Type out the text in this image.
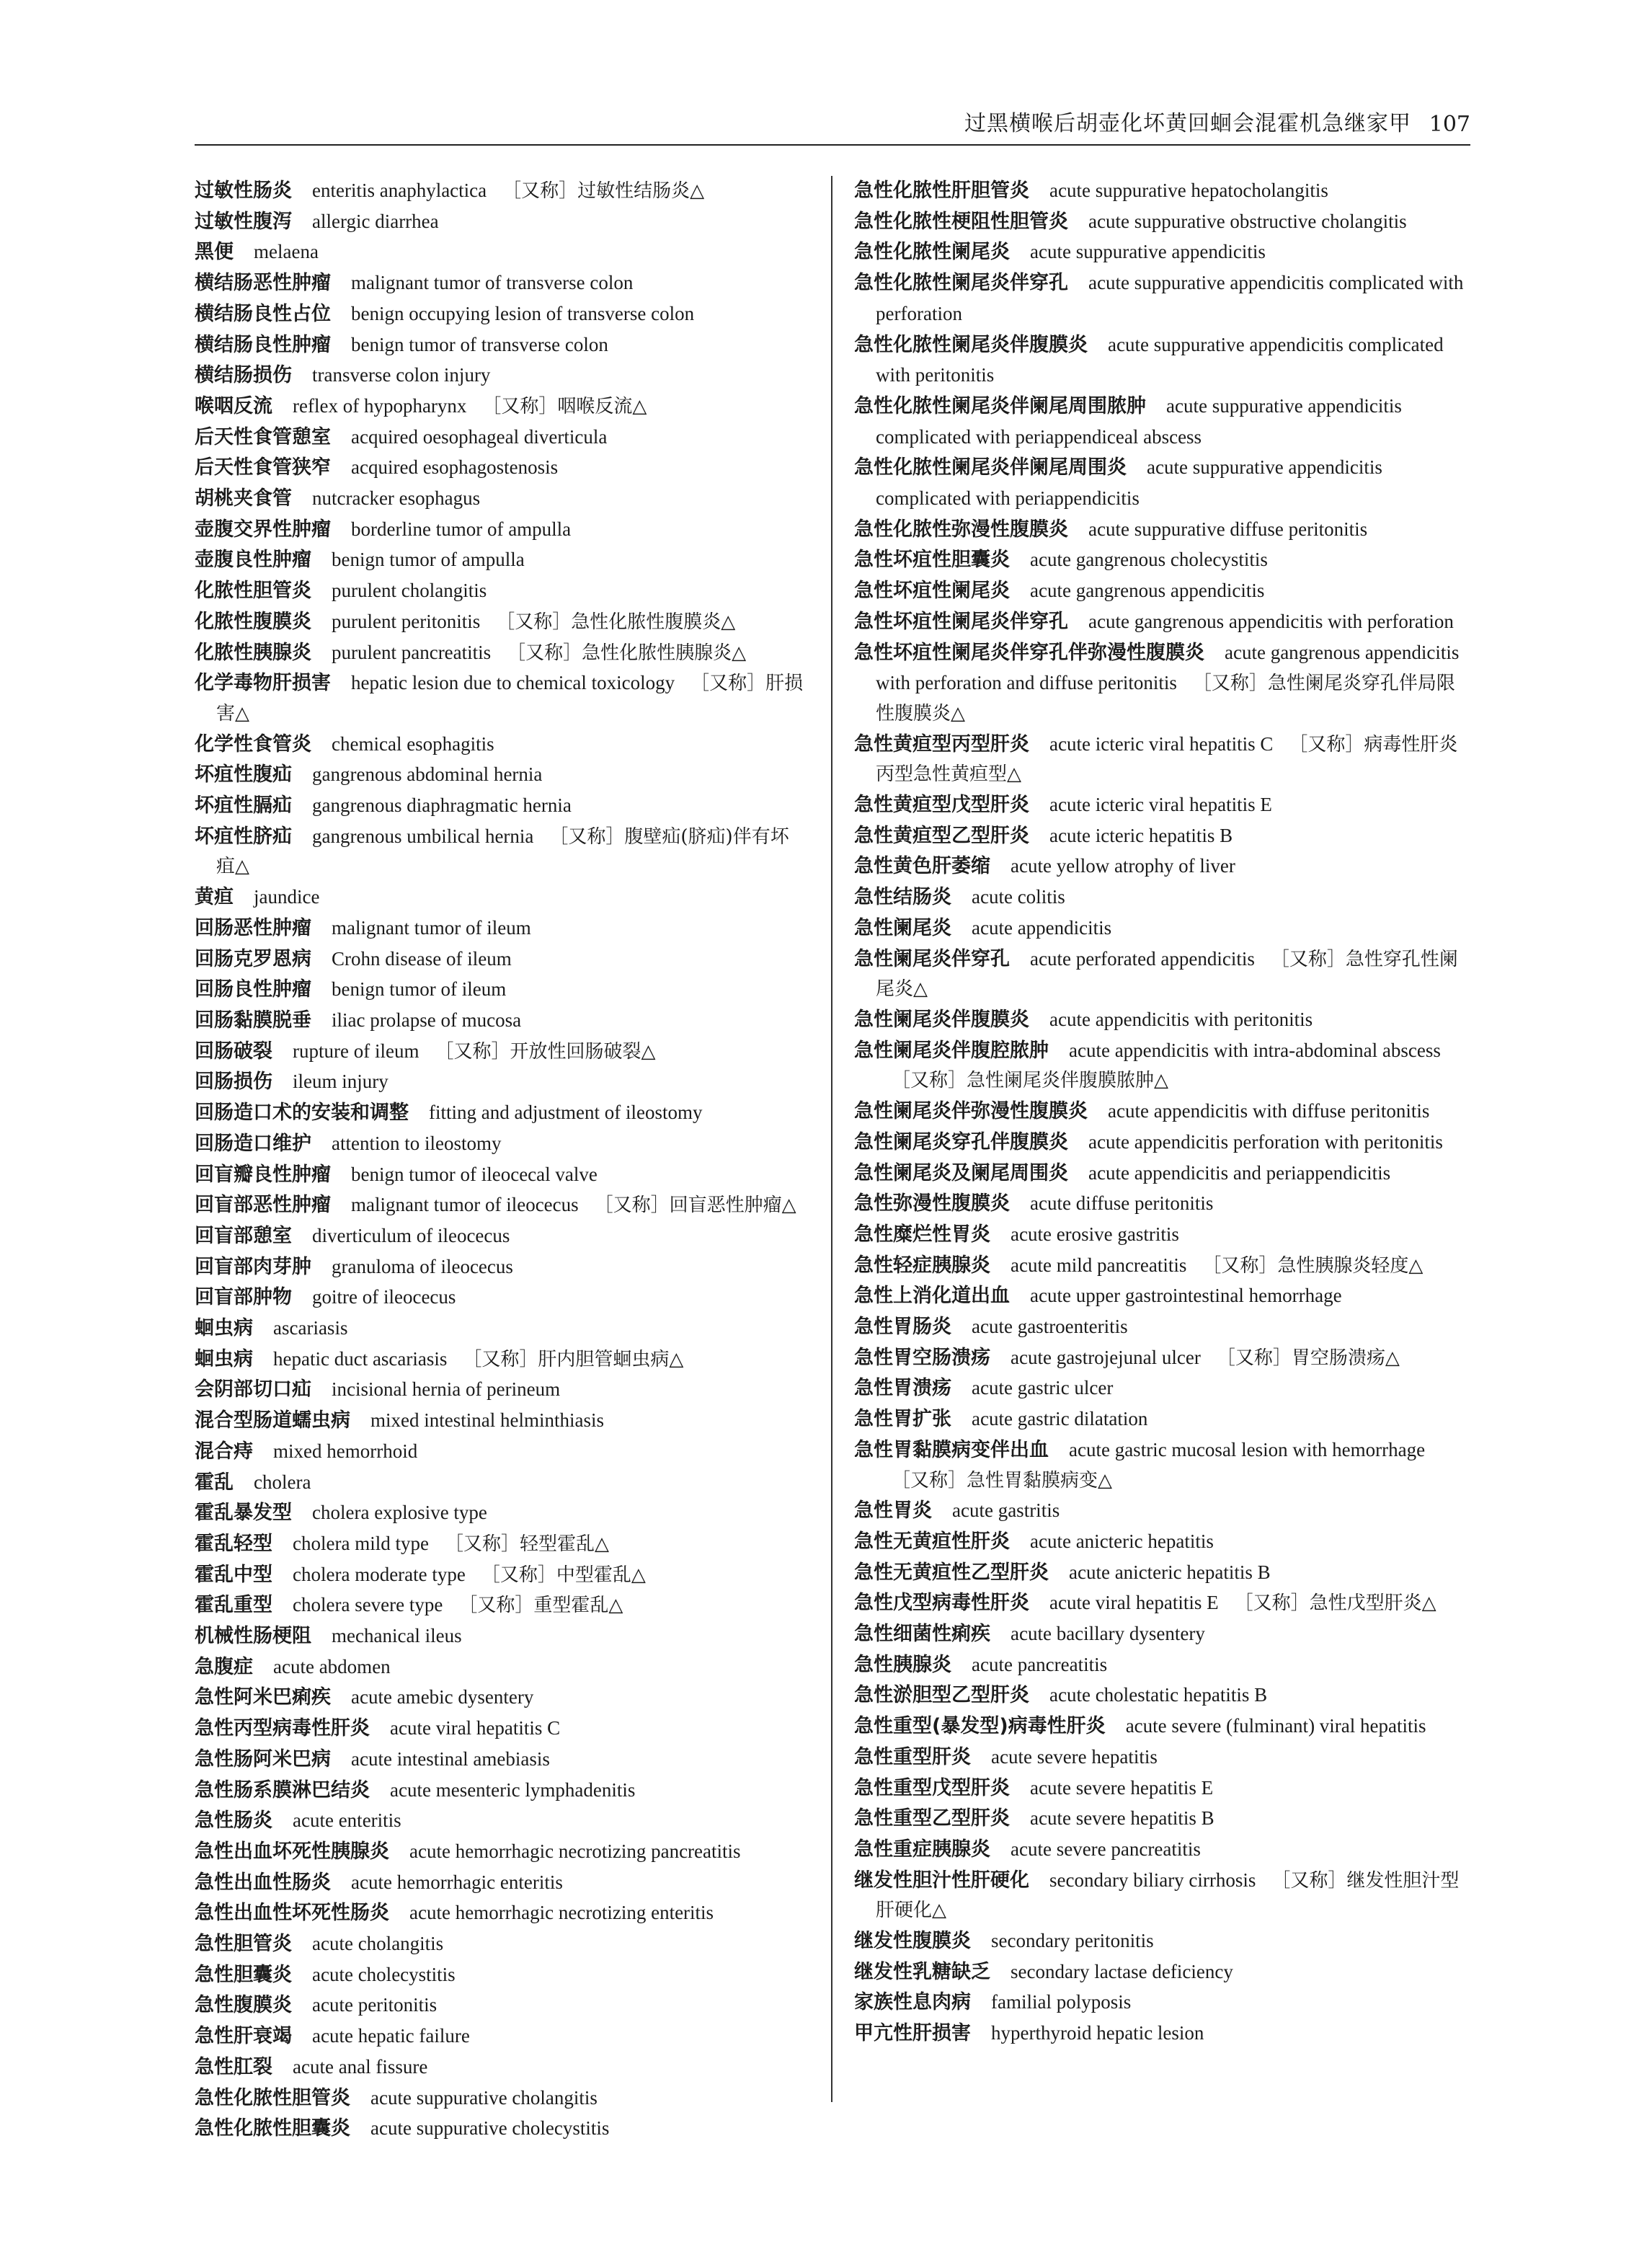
过黑横喉后胡壶化坏黄回蛔会混霍机急继家甲 107
过敏性肠炎 enteritis anaphylactica ［又称］过敏性结肠炎△
过敏性腹泻 allergic diarrhea
黑便 melaena
横结肠恶性肿瘤 malignant tumor of transverse colon
横结肠良性占位 benign occupying lesion of transverse colon
横结肠良性肿瘤 benign tumor of transverse colon
横结肠损伤 transverse colon injury
喉咽反流 reflex of hypopharynx ［又称］咽喉反流△
后天性食管憩室 acquired oesophageal diverticula
后天性食管狭窄 acquired esophagostenosis
胡桃夹食管 nutcracker esophagus
壶腹交界性肿瘤 borderline tumor of ampulla
壶腹良性肿瘤 benign tumor of ampulla
化脓性胆管炎 purulent cholangitis
化脓性腹膜炎 purulent peritonitis ［又称］急性化脓性腹膜炎△
化脓性胰腺炎 purulent pancreatitis ［又称］急性化脓性胰腺炎△
化学毒物肝损害 hepatic lesion due to chemical toxicology ［又称］肝损害△
化学性食管炎 chemical esophagitis
坏疽性腹疝 gangrenous abdominal hernia
坏疽性膈疝 gangrenous diaphragmatic hernia
坏疽性脐疝 gangrenous umbilical hernia ［又称］腹壁疝(脐疝)伴有坏疽△
黄疸 jaundice
回肠恶性肿瘤 malignant tumor of ileum
回肠克罗恩病 Crohn disease of ileum
回肠良性肿瘤 benign tumor of ileum
回肠黏膜脱垂 iliac prolapse of mucosa
回肠破裂 rupture of ileum ［又称］开放性回肠破裂△
回肠损伤 ileum injury
回肠造口术的安装和调整 fitting and adjustment of ileostomy
回肠造口维护 attention to ileostomy
回盲瓣良性肿瘤 benign tumor of ileocecal valve
回盲部恶性肿瘤 malignant tumor of ileocecus ［又称］回盲恶性肿瘤△
回盲部憩室 diverticulum of ileocecus
回盲部肉芽肿 granuloma of ileocecus
回盲部肿物 goitre of ileocecus
蛔虫病 ascariasis
蛔虫病 hepatic duct ascariasis ［又称］肝内胆管蛔虫病△
会阴部切口疝 incisional hernia of perineum
混合型肠道蠕虫病 mixed intestinal helminthiasis
混合痔 mixed hemorrhoid
霍乱 cholera
霍乱暴发型 cholera explosive type
霍乱轻型 cholera mild type ［又称］轻型霍乱△
霍乱中型 cholera moderate type ［又称］中型霍乱△
霍乱重型 cholera severe type ［又称］重型霍乱△
机械性肠梗阻 mechanical ileus
急腹症 acute abdomen
急性阿米巴痢疾 acute amebic dysentery
急性丙型病毒性肝炎 acute viral hepatitis C
急性肠阿米巴病 acute intestinal amebiasis
急性肠系膜淋巴结炎 acute mesenteric lymphadenitis
急性肠炎 acute enteritis
急性出血坏死性胰腺炎 acute hemorrhagic necrotizing pancreatitis
急性出血性肠炎 acute hemorrhagic enteritis
急性出血性坏死性肠炎 acute hemorrhagic necrotizing enteritis
急性胆管炎 acute cholangitis
急性胆囊炎 acute cholecystitis
急性腹膜炎 acute peritonitis
急性肝衰竭 acute hepatic failure
急性肛裂 acute anal fissure
急性化脓性胆管炎 acute suppurative cholangitis
急性化脓性胆囊炎 acute suppurative cholecystitis
急性化脓性肝胆管炎 acute suppurative hepatocholangitis
急性化脓性梗阻性胆管炎 acute suppurative obstructive cholangitis
急性化脓性阑尾炎 acute suppurative appendicitis
急性化脓性阑尾炎伴穿孔 acute suppurative appendicitis complicated with perforation
急性化脓性阑尾炎伴腹膜炎 acute suppurative appendicitis complicated with peritonitis
急性化脓性阑尾炎伴阑尾周围脓肿 acute suppurative appendicitis complicated with periappendiceal abscess
急性化脓性阑尾炎伴阑尾周围炎 acute suppurative appendicitis complicated with periappendicitis
急性化脓性弥漫性腹膜炎 acute suppurative diffuse peritonitis
急性坏疽性胆囊炎 acute gangrenous cholecystitis
急性坏疽性阑尾炎 acute gangrenous appendicitis
急性坏疽性阑尾炎伴穿孔 acute gangrenous appendicitis with perforation
急性坏疽性阑尾炎伴穿孔伴弥漫性腹膜炎 acute gangrenous appendicitis with perforation and diffuse peritonitis ［又称］急性阑尾炎穿孔伴局限性腹膜炎△
急性黄疸型丙型肝炎 acute icteric viral hepatitis C ［又称］病毒性肝炎丙型急性黄疸型△
急性黄疸型戊型肝炎 acute icteric viral hepatitis E
急性黄疸型乙型肝炎 acute icteric hepatitis B
急性黄色肝萎缩 acute yellow atrophy of liver
急性结肠炎 acute colitis
急性阑尾炎 acute appendicitis
急性阑尾炎伴穿孔 acute perforated appendicitis ［又称］急性穿孔性阑尾炎△
急性阑尾炎伴腹膜炎 acute appendicitis with peritonitis
急性阑尾炎伴腹腔脓肿 acute appendicitis with intra-abdominal abscess［又称］急性阑尾炎伴腹膜脓肿△
急性阑尾炎伴弥漫性腹膜炎 acute appendicitis with diffuse peritonitis
急性阑尾炎穿孔伴腹膜炎 acute appendicitis perforation with peritonitis
急性阑尾炎及阑尾周围炎 acute appendicitis and periappendicitis
急性弥漫性腹膜炎 acute diffuse peritonitis
急性糜烂性胃炎 acute erosive gastritis
急性轻症胰腺炎 acute mild pancreatitis ［又称］急性胰腺炎轻度△
急性上消化道出血 acute upper gastrointestinal hemorrhage
急性胃肠炎 acute gastroenteritis
急性胃空肠溃疡 acute gastrojejunal ulcer ［又称］胃空肠溃疡△
急性胃溃疡 acute gastric ulcer
急性胃扩张 acute gastric dilatation
急性胃黏膜病变伴出血 acute gastric mucosal lesion with hemorrhage［又称］急性胃黏膜病变△
急性胃炎 acute gastritis
急性无黄疸性肝炎 acute anicteric hepatitis
急性无黄疸性乙型肝炎 acute anicteric hepatitis B
急性戊型病毒性肝炎 acute viral hepatitis E ［又称］急性戊型肝炎△
急性细菌性痢疾 acute bacillary dysentery
急性胰腺炎 acute pancreatitis
急性淤胆型乙型肝炎 acute cholestatic hepatitis B
急性重型(暴发型)病毒性肝炎 acute severe (fulminant) viral hepatitis
急性重型肝炎 acute severe hepatitis
急性重型戊型肝炎 acute severe hepatitis E
急性重型乙型肝炎 acute severe hepatitis B
急性重症胰腺炎 acute severe pancreatitis
继发性胆汁性肝硬化 secondary biliary cirrhosis ［又称］继发性胆汁型肝硬化△
继发性腹膜炎 secondary peritonitis
继发性乳糖缺乏 secondary lactase deficiency
家族性息肉病 familial polyposis
甲亢性肝损害 hyperthyroid hepatic lesion
